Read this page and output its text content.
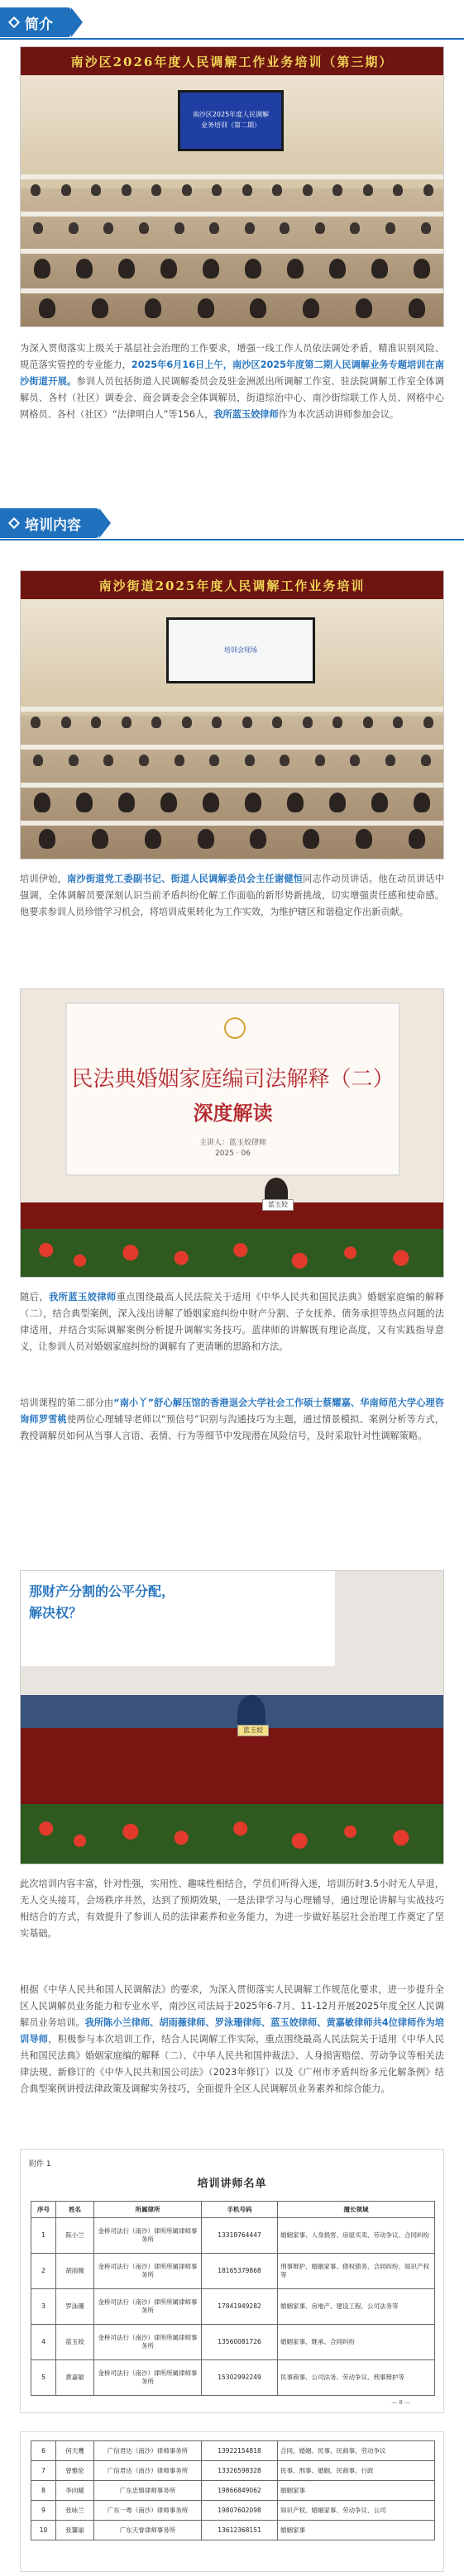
简介
南沙区2026年度人民调解工作业务培训（第三期）
南沙区2025年度人民调解
业务培训（第二期）
为深入贯彻落实上级关于基层社会治理的工作要求，增强一线工作人员依法调处矛盾，精准识别风险、规范落实管控的专业能力，2025年6月16日上午，南沙区2025年度第二期人民调解业务专题培训在南沙街道开展。参训人员包括街道人民调解委员会及驻金洲派出所调解工作室、驻法院调解工作室全体调解员、各村（社区）调委会、商会调委会全体调解员，街道综治中心、南沙街综联工作人员、网格中心网格员、各村（社区）“法律明白人”等156人，我所蓝玉姣律师作为本次活动讲师参加会议。
培训内容
南沙街道2025年度人民调解工作业务培训
培训会现场
培训伊始，南沙街道党工委副书记、街道人民调解委员会主任谢健恒同志作动员讲话。他在动员讲话中强调，全体调解员要深刻认识当前矛盾纠纷化解工作面临的新形势新挑战，切实增强责任感和使命感。他要求参训人员珍惜学习机会，将培训成果转化为工作实效，为维护辖区和谐稳定作出新贡献。
民法典婚姻家庭编司法解释（二）
深度解读
主讲人：蓝玉姣律师
2025 · 06
蓝玉姣
随后，我所蓝玉姣律师重点围绕最高人民法院关于适用《中华人民共和国民法典》婚姻家庭编的解释（二），结合典型案例，深入浅出讲解了婚姻家庭纠纷中财产分割、子女抚养、债务承担等热点问题的法律适用，并结合实际调解案例分析提升调解实务技巧。蓝律师的讲解既有理论高度，又有实践指导意义，让参训人员对婚姻家庭纠纷的调解有了更清晰的思路和方法。
培训课程的第二部分由“南小丫”舒心解压馆的香港退会大学社会工作硕士蔡耀嘉、华南师范大学心理咨询师罗雪桃使两位心理辅导老师以“预信号”识别与沟通技巧为主题，通过情景模拟、案例分析等方式，教授调解员如何从当事人言语、表情、行为等细节中发现潜在风险信号，及时采取针对性调解策略。
那财产分割的公平分配，
解决权？
蓝玉姣
此次培训内容丰富，针对性强，实用性、趣味性相结合，学员们听得入迷，培训历时3.5小时无人早退，无人交头接耳，会场秩序井然，达到了预期效果，一是法律学习与心理辅导，通过理论讲解与实战技巧相结合的方式，有效提升了参训人员的法律素养和业务能力，为进一步做好基层社会治理工作奠定了坚实基础。
根据《中华人民共和国人民调解法》的要求，为深入贯彻落实人民调解工作规范化要求，进一步提升全区人民调解员业务能力和专业水平，南沙区司法局于2025年6-7月、11-12月开展2025年度全区人民调解员业务培训。我所陈小兰律师、胡雨薇律师、罗泳珊律师、蓝玉姣律师、黄嘉敏律师共4位律师作为培训导师，积极参与本次培训工作，结合人民调解工作实际，重点围绕最高人民法院关于适用《中华人民共和国民法典》婚姻家庭编的解释（二）、《中华人民共和国仲裁法》、人身损害赔偿、劳动争议等相关法律法规、新修订的《中华人民共和国公司法》（2023年修订）以及《广州市矛盾纠纷多元化解条例》结合典型案例讲授法律政策及调解实务技巧，全面提升全区人民调解员业务素养和综合能力。
附件 1
培训讲师名单
序号	姓名	所属律所	手机号码	擅长领域
1	陈小兰	金桥司法行（南沙）律所所属律师事务所	13318764447	婚姻家事、人身损害、房屋买卖、劳动争议、合同纠纷
2	胡雨薇	金桥司法行（南沙）律所所属律师事务所	18165379868	刑事辩护、婚姻家事、债权债务、合同纠纷、知识产权等
3	罗泳珊	金桥司法行（南沙）律所所属律师事务所	17841949282	婚姻家事、房地产、建设工程、公司法务等
4	蓝玉姣	金桥司法行（南沙）律所所属律师事务所	13560081726	婚姻家事、继承、合同纠纷
5	黄嘉敏	金桥司法行（南沙）律所所属律师事务所	15302992249	民事商事、公司法务、劳动争议、刑事辩护等
— 8 —
6	何天鹰	广信君达（南沙）律师事务所	13922154818	合同、婚姻、民事、民商事、劳动争议
7	曾雅伦	广信君达（南沙）律师事务所	13326598328	民事、刑事、婚姻、民商事、行政
8	李向暖	广东忠慎律师事务所	19866849062	婚姻家事
9	张咏兰	广东一粤（南沙）律师事务所	19807602098	知识产权、婚姻家事、劳动争议、公司
10	张馨丽	广东天誉律师事务所	13612368151	婚姻家事
